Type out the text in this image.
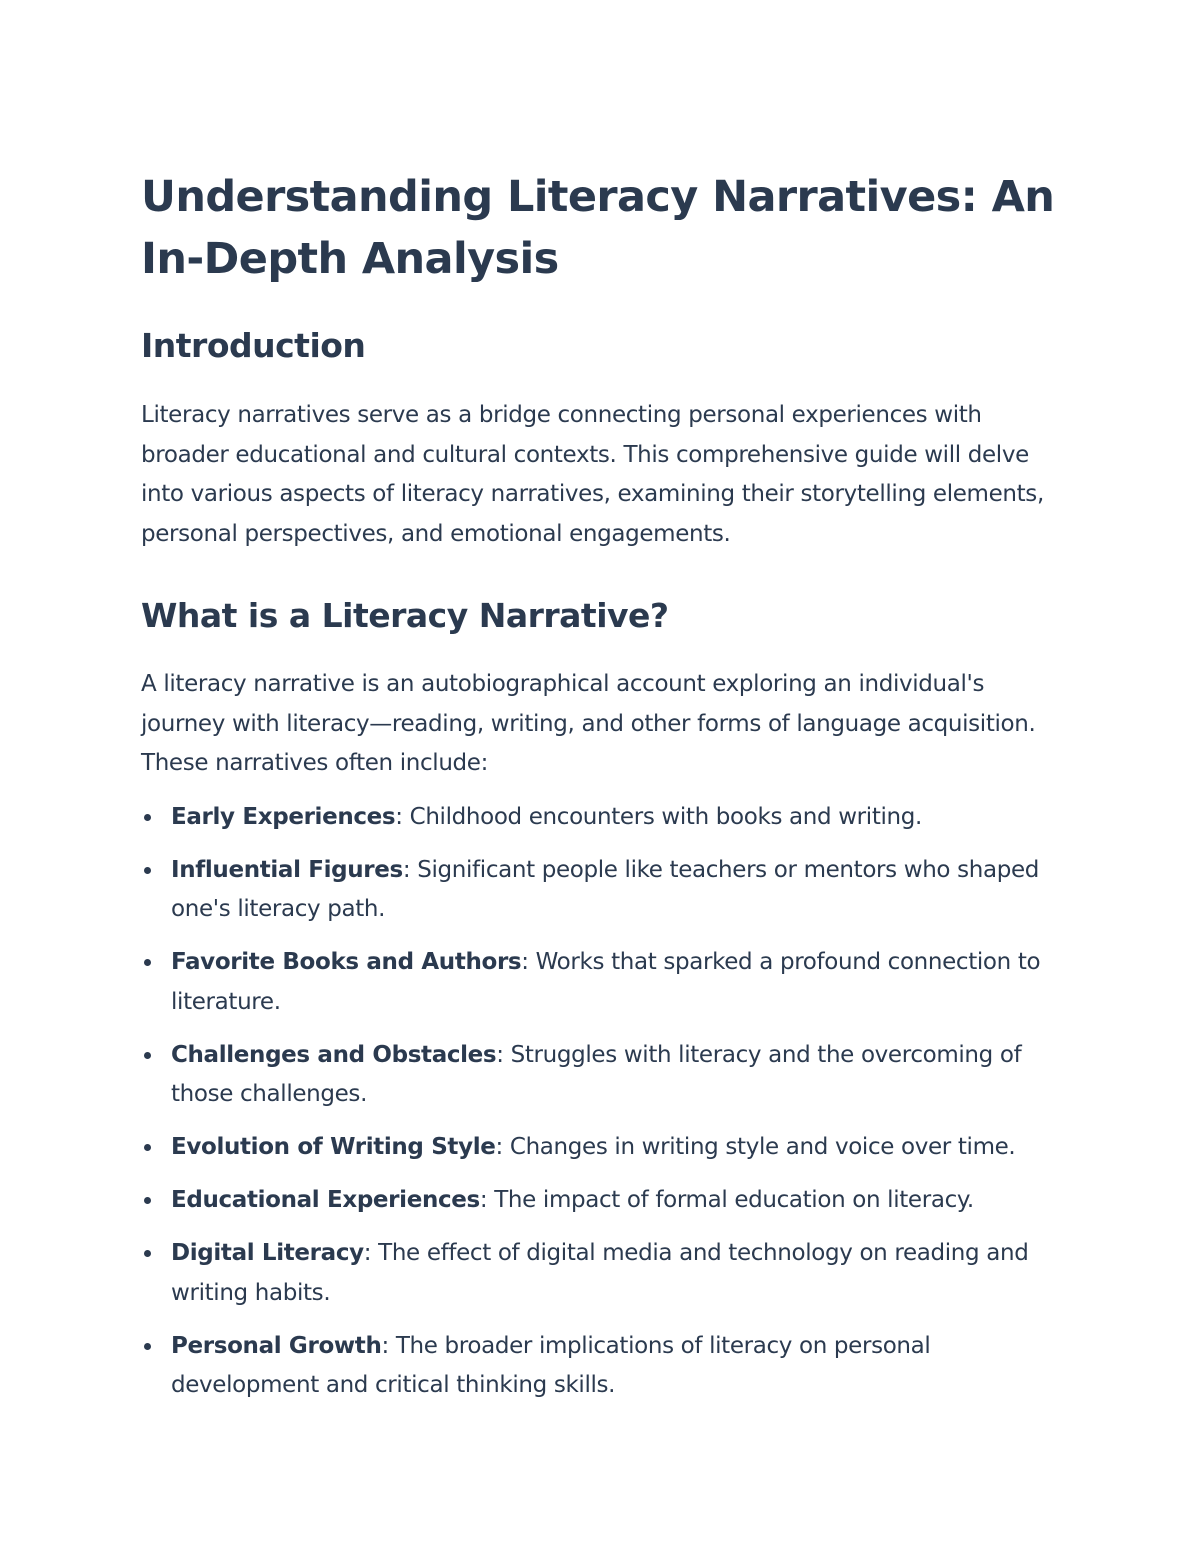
Understanding Literacy Narratives: An In-Depth Analysis
Introduction

Literacy narratives serve as a bridge connecting personal experiences with broader educational and cultural contexts. This comprehensive guide will delve into various aspects of literacy narratives, examining their storytelling elements, personal perspectives, and emotional engagements.

What is a Literacy Narrative?

A literacy narrative is an autobiographical account exploring an individual's journey with literacy—reading, writing, and other forms of language acquisition. These narratives often include:

Early Experiences: Childhood encounters with books and writing.
Influential Figures: Significant people like teachers or mentors who shaped one's literacy path.
Favorite Books and Authors: Works that sparked a profound connection to literature.
Challenges and Obstacles: Struggles with literacy and the overcoming of those challenges.
Evolution of Writing Style: Changes in writing style and voice over time.
Educational Experiences: The impact of formal education on literacy.
Digital Literacy: The effect of digital media and technology on reading and writing habits.
Personal Growth: The broader implications of literacy on personal development and critical thinking skills.
